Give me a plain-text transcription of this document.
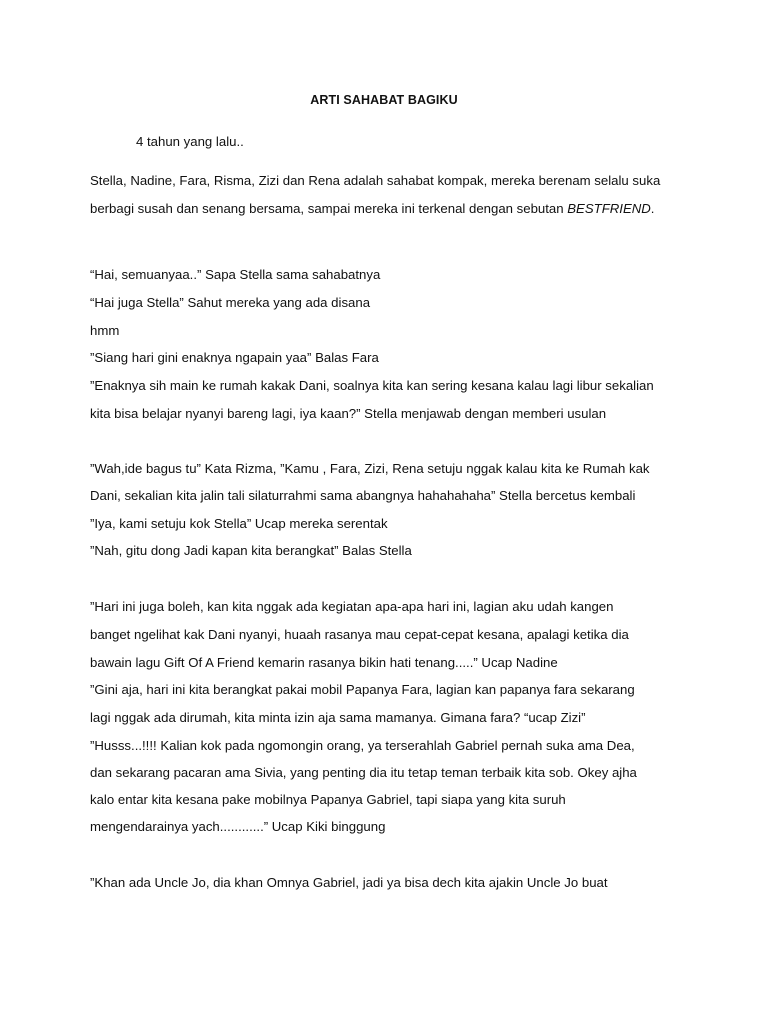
ARTI SAHABAT BAGIKU
4 tahun yang lalu..
Stella, Nadine, Fara, Risma, Zizi dan Rena adalah sahabat kompak, mereka berenam selalu suka
berbagi susah dan senang bersama, sampai mereka ini terkenal dengan sebutan BESTFRIEND.
“Hai, semuanyaa..” Sapa Stella sama sahabatnya
“Hai juga Stella” Sahut mereka yang ada disana
hmm
”Siang hari gini enaknya ngapain yaa” Balas Fara
”Enaknya sih main ke rumah kakak Dani, soalnya kita kan sering kesana kalau lagi libur sekalian
kita bisa belajar nyanyi bareng lagi, iya kaan?” Stella menjawab dengan memberi usulan
”Wah,ide bagus tu” Kata Rizma, ”Kamu , Fara, Zizi, Rena setuju nggak kalau kita ke Rumah kak
Dani, sekalian kita jalin tali silaturrahmi sama abangnya hahahahaha” Stella bercetus kembali
”Iya, kami setuju kok Stella” Ucap mereka serentak
”Nah, gitu dong Jadi kapan kita berangkat” Balas Stella
”Hari ini juga boleh, kan kita nggak ada kegiatan apa-apa hari ini, lagian aku udah kangen
banget ngelihat kak Dani nyanyi, huaah rasanya mau cepat-cepat kesana, apalagi ketika dia
bawain lagu Gift Of A Friend kemarin rasanya bikin hati tenang.....” Ucap Nadine
”Gini aja, hari ini kita berangkat pakai mobil Papanya Fara, lagian kan papanya fara sekarang
lagi nggak ada dirumah, kita minta izin aja sama mamanya. Gimana fara? “ucap Zizi”
”Husss...!!!! Kalian kok pada ngomongin orang, ya terserahlah Gabriel pernah suka ama Dea,
dan sekarang pacaran ama Sivia, yang penting dia itu tetap teman terbaik kita sob. Okey ajha
kalo entar kita kesana pake mobilnya Papanya Gabriel, tapi siapa yang kita suruh
mengendarainya yach............” Ucap Kiki binggung
”Khan ada Uncle Jo, dia khan Omnya Gabriel, jadi ya bisa dech kita ajakin Uncle Jo buat
